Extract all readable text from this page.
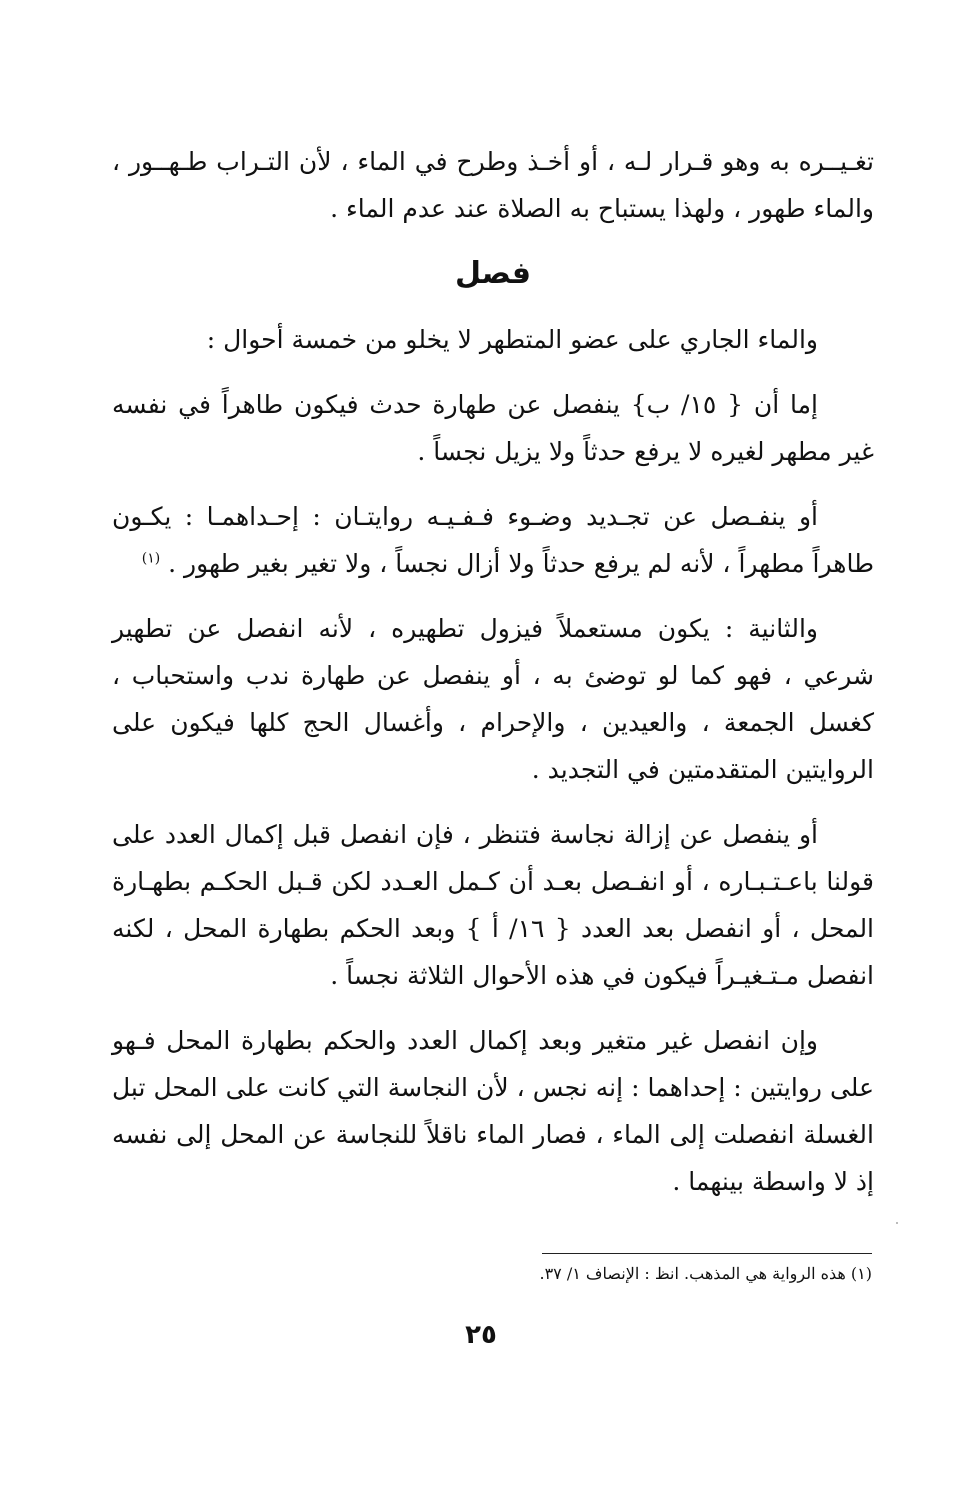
تغـيــره به وهو قـرار لـه ، أو أخـذ وطرح في الماء ، لأن التـراب طـهــور ، والماء طهور ، ولهذا يستباح به الصلاة عند عدم الماء .

فصل

والماء الجاري على عضو المتطهر لا يخلو من خمسة أحوال :

إما أن { ١٥/ ب} ينفصل عن طهارة حدث فيكون طاهراً في نفسه غير مطهر لغيره لا يرفع حدثاً ولا يزيل نجساً .

أو ينفـصل عن تجـديد وضـوء فـفـيـه روايتـان : إحـداهمـا : يكـون طاهراً مطهراً ، لأنه لم يرفع حدثاً ولا أزال نجساً ، ولا تغير بغير طهور . $^{(١)}$

والثانية : يكون مستعملاً فيزول تطهيره ، لأنه انفصل عن تطهير شرعي ، فهو كما لو توضئ به ، أو ينفصل عن طهارة ندب واستحباب ، كغسل الجمعة ، والعيدين ، والإحرام ، وأغسال الحج كلها فيكون على الروايتين المتقدمتين في التجديد .

أو ينفصل عن إزالة نجاسة فتنظر ، فإن انفصل قبل إكمال العدد على قولنا باعـتـبـاره ، أو انفـصل بعـد أن كـمل العـدد لكن قـبل الحكـم بطهـارة المحل ، أو انفصل بعد العدد { ١٦/ أ } وبعد الحكم بطهارة المحل ، لكنه انفصل مـتـغيـراً فيكون في هذه الأحوال الثلاثة نجساً .

وإن انفصل غير متغير وبعد إكمال العدد والحكم بطهارة المحل فـهو على روايتين : إحداهما : إنه نجس ، لأن النجاسة التي كانت على المحل تبل الغسلة انفصلت إلى الماء ، فصار الماء ناقلاً للنجاسة عن المحل إلى نفسه إذ لا واسطة بينهما .

(١) هذه الرواية هي المذهب. انظ : الإنصاف ١/ ٣٧.
٢٥
